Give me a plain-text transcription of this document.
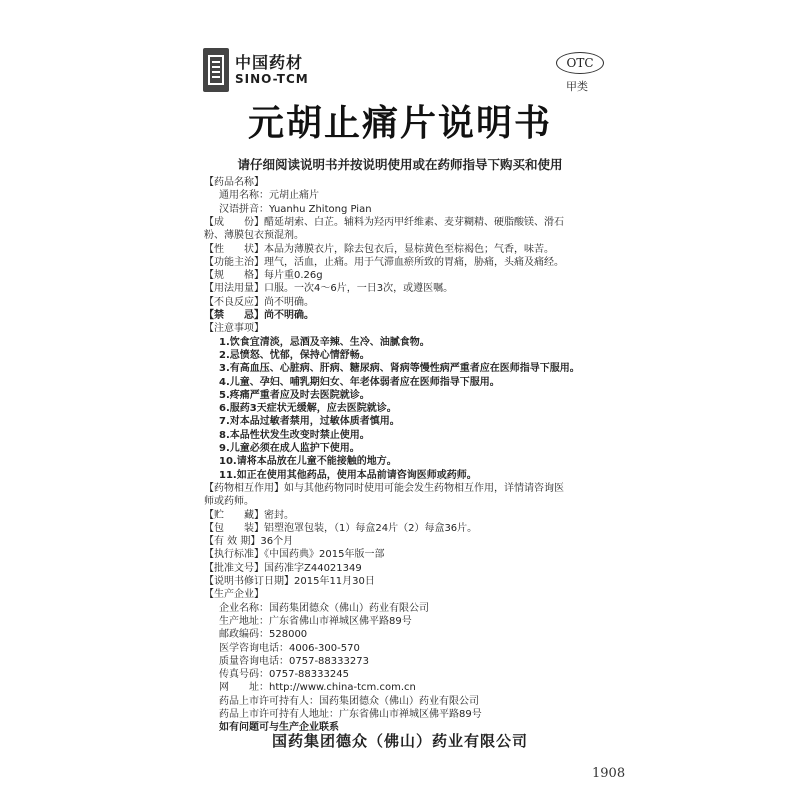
中国药材
SINO-TCM
OTC
甲类
元胡止痛片说明书
请仔细阅读说明书并按说明使用或在药师指导下购买和使用
【药品名称】
通用名称：元胡止痛片
汉语拼音：Yuanhu Zhitong Pian
【成　　份】醋延胡索、白芷。辅料为羟丙甲纤维素、麦芽糊精、硬脂酸镁、滑石
粉、薄膜包衣预混剂。
【性　　状】本品为薄膜衣片，除去包衣后，显棕黄色至棕褐色；气香，味苦。
【功能主治】理气，活血，止痛。用于气滞血瘀所致的胃痛，胁痛，头痛及痛经。
【规　　格】每片重0.26g
【用法用量】口服。一次4～6片，一日3次，或遵医嘱。
【不良反应】尚不明确。
【禁　　忌】尚不明确。
【注意事项】
1.饮食宜清淡，忌酒及辛辣、生冷、油腻食物。
2.忌愤怒、忧郁，保持心情舒畅。
3.有高血压、心脏病、肝病、糖尿病、肾病等慢性病严重者应在医师指导下服用。
4.儿童、孕妇、哺乳期妇女、年老体弱者应在医师指导下服用。
5.疼痛严重者应及时去医院就诊。
6.服药3天症状无缓解，应去医院就诊。
7.对本品过敏者禁用，过敏体质者慎用。
8.本品性状发生改变时禁止使用。
9.儿童必须在成人监护下使用。
10.请将本品放在儿童不能接触的地方。
11.如正在使用其他药品，使用本品前请咨询医师或药师。
【药物相互作用】如与其他药物同时使用可能会发生药物相互作用，详情请咨询医
师或药师。
【贮　　藏】密封。
【包　　装】铝塑泡罩包装，（1）每盒24片（2）每盒36片。
【有 效 期】36个月
【执行标准】《中国药典》2015年版一部
【批准文号】国药准字Z44021349
【说明书修订日期】2015年11月30日
【生产企业】
企业名称：国药集团德众（佛山）药业有限公司
生产地址：广东省佛山市禅城区佛平路89号
邮政编码：528000
医学咨询电话：4006-300-570
质量咨询电话：0757-88333273
传真号码：0757-88333245
网　　址：http://www.china-tcm.com.cn
药品上市许可持有人：国药集团德众（佛山）药业有限公司
药品上市许可持有人地址：广东省佛山市禅城区佛平路89号
如有问题可与生产企业联系
国药集团德众（佛山）药业有限公司
1908
